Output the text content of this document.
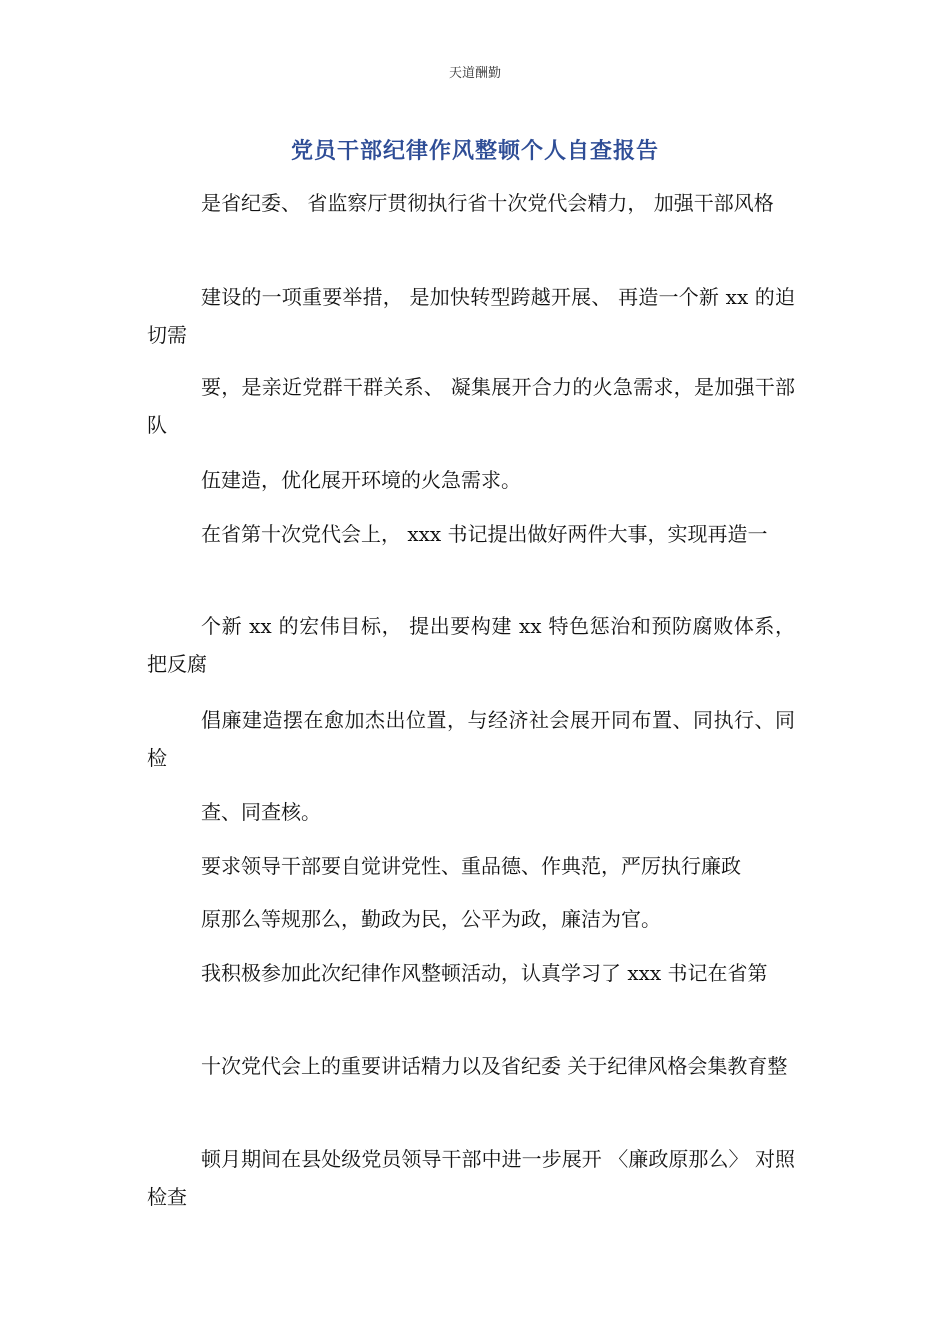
天道酬勤
党员干部纪律作风整顿个人自查报告
是省纪委、 省监察厅贯彻执行省十次党代会精力， 加强干部风格
建设的一项重要举措， 是加快转型跨越开展、 再造一个新 xx 的迫切需
要，是亲近党群干群关系、 凝集展开合力的火急需求，是加强干部队
伍建造，优化展开环境的火急需求。
在省第十次党代会上， xxx 书记提出做好两件大事，实现再造一
个新 xx 的宏伟目标， 提出要构建 xx 特色惩治和预防腐败体系， 把反腐
倡廉建造摆在愈加杰出位置，与经济社会展开同布置、同执行、同检
查、同查核。
要求领导干部要自觉讲党性、重品德、作典范，严厉执行廉政
原那么等规那么，勤政为民，公平为政，廉洁为官。
我积极参加此次纪律作风整顿活动，认真学习了 xxx 书记在省第
十次党代会上的重要讲话精力以及省纪委 关于纪律风格会集教育整
顿月期间在县处级党员领导干部中进一步展开 〈廉政原那么〉 对照检查
